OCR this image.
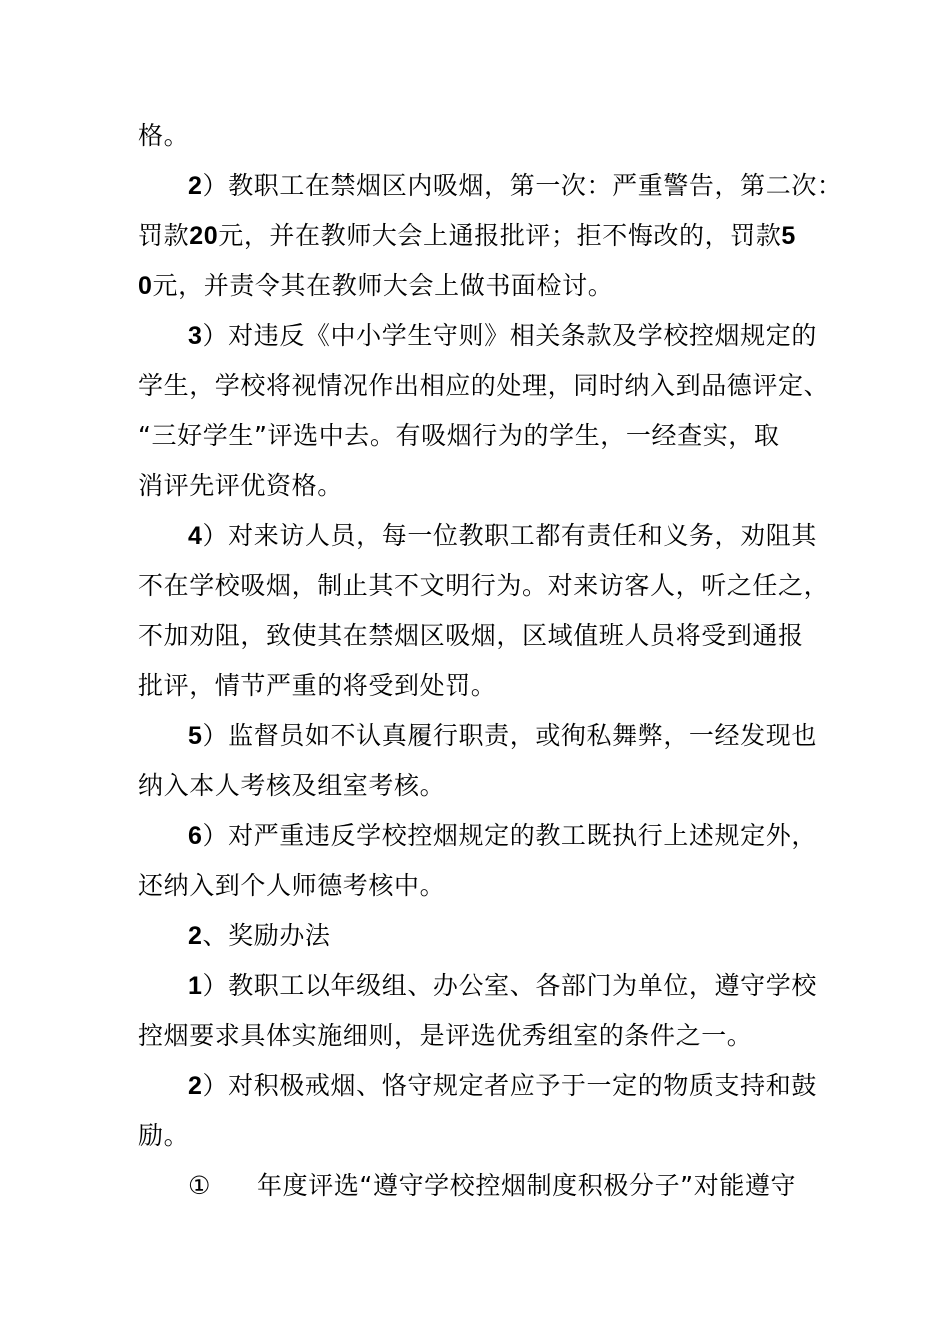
格。
2）教职工在禁烟区内吸烟，第一次：严重警告，第二次：
罚款20元，并在教师大会上通报批评；拒不悔改的，罚款5
0元，并责令其在教师大会上做书面检讨。
3）对违反《中小学生守则》相关条款及学校控烟规定的
学生，学校将视情况作出相应的处理，同时纳入到品德评定、
“三好学生”评选中去。有吸烟行为的学生，一经查实，取
消评先评优资格。
4）对来访人员，每一位教职工都有责任和义务，劝阻其
不在学校吸烟，制止其不文明行为。对来访客人，听之任之，
不加劝阻，致使其在禁烟区吸烟，区域值班人员将受到通报
批评，情节严重的将受到处罚。
5）监督员如不认真履行职责，或徇私舞弊，一经发现也
纳入本人考核及组室考核。
6）对严重违反学校控烟规定的教工既执行上述规定外，
还纳入到个人师德考核中。
2、奖励办法
1）教职工以年级组、办公室、各部门为单位，遵守学校
控烟要求具体实施细则，是评选优秀组室的条件之一。
2）对积极戒烟、恪守规定者应予于一定的物质支持和鼓
励。
① 年度评选“遵守学校控烟制度积极分子”对能遵守
